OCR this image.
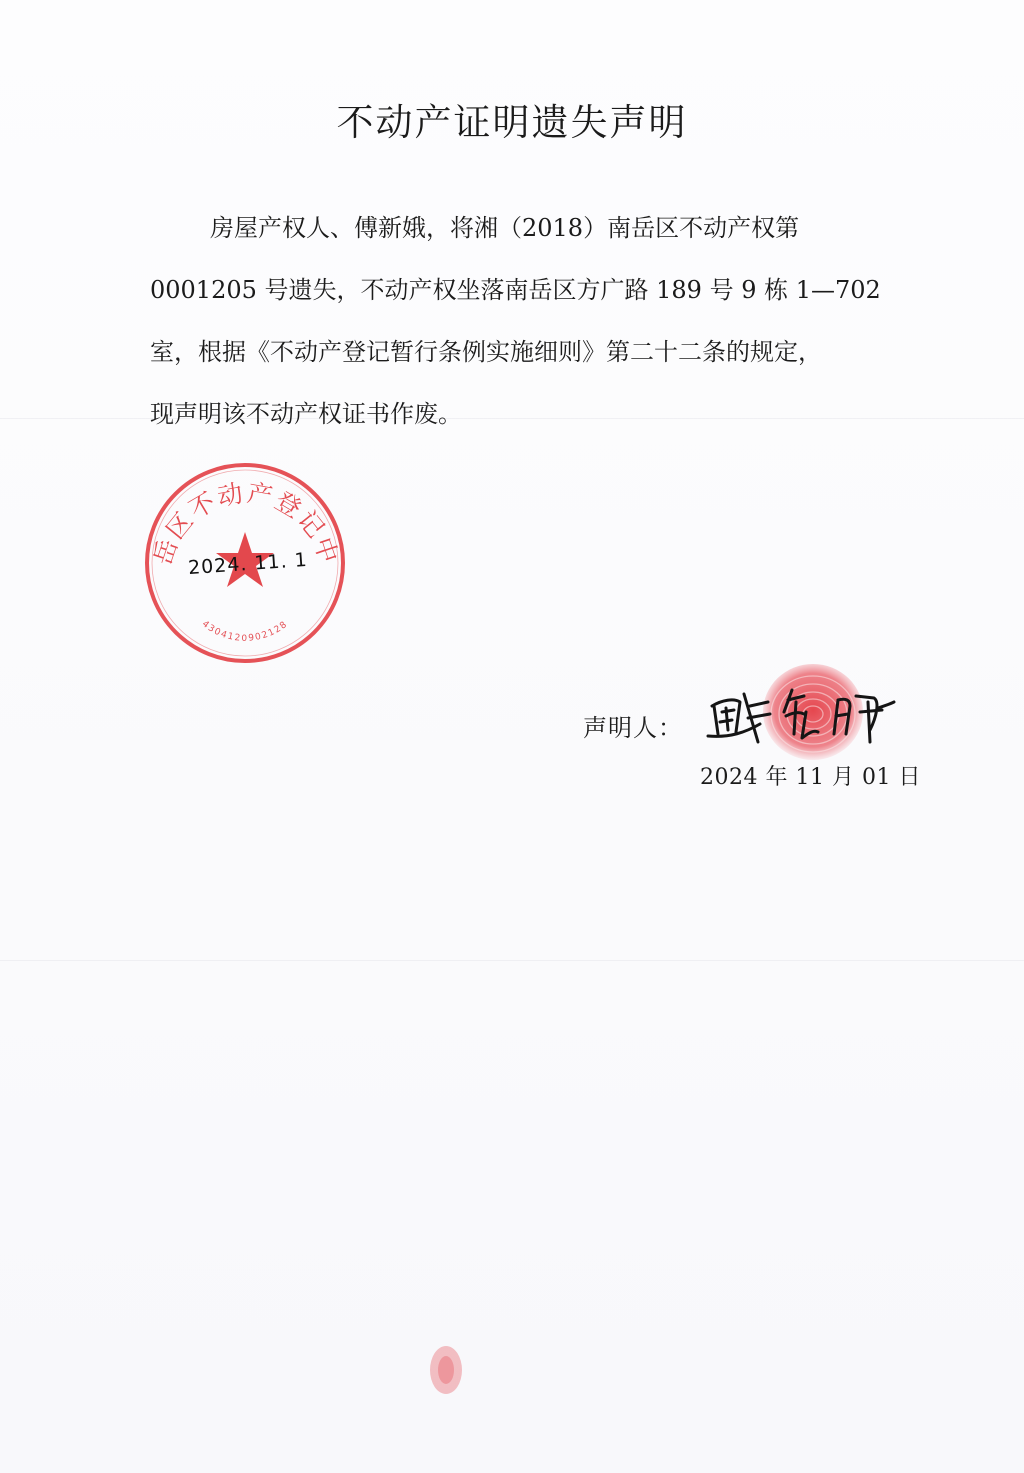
不动产证明遗失声明

房屋产权人、傅新娥，将湘（2018）南岳区不动产权第

0001205 号遗失，不动产权坐落南岳区方广路 189 号 9 栋 1—702
室，根据《不动产登记暂行条例实施细则》第二十二条的规定，
现声明该不动产权证书作废。
南岳区不动产登记中心
4304120902128
2024. 11. 1
声明人：
2024 年 11 月 01 日
